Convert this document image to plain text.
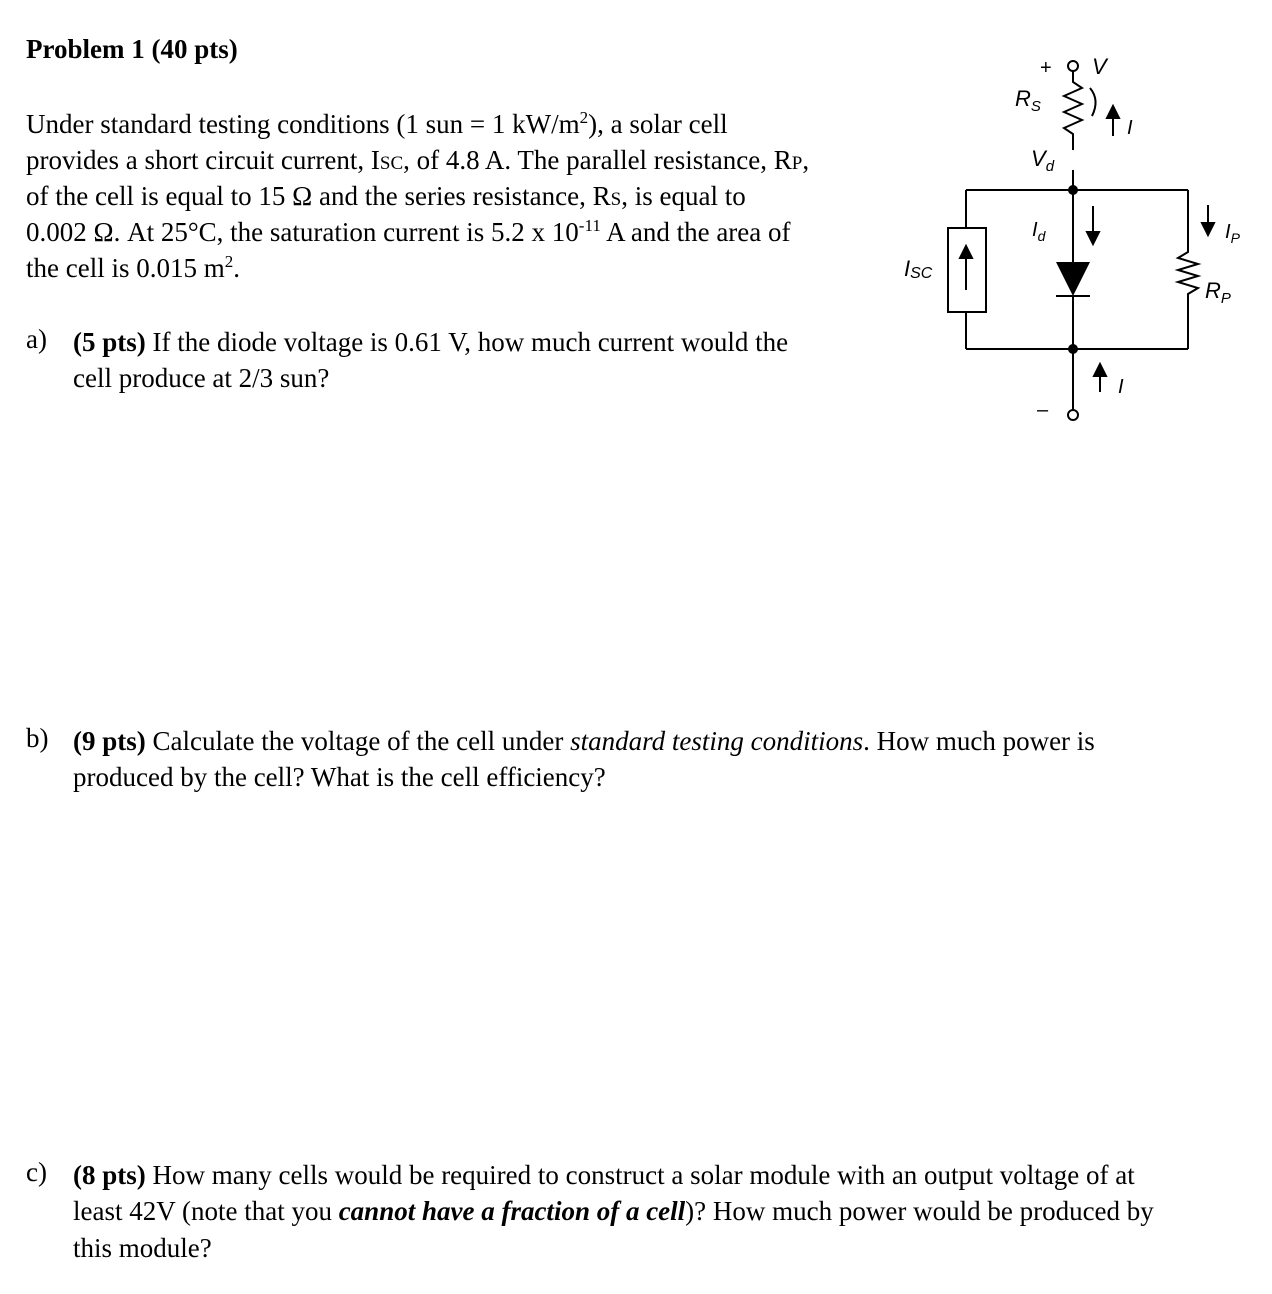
Problem 1 (40 pts)
Under standard testing conditions (1 sun = 1 $kW/m^2$), a solar cell
provides a short circuit current, ISC, of 4.8 A. The parallel resistance, RP,
of the cell is equal to 15 Ω and the series resistance, RS, is equal to
0.002 Ω. At 25°C, the saturation current is 5.2 x $10^{-11}$ A and the area of
the cell is 0.015 $m^2$.
a) (5 pts) If the diode voltage is 0.61 V, how much current would the
cell produce at 2/3 sun?
b) (9 pts) Calculate the voltage of the cell under standard testing conditions. How much power is
produced by the cell? What is the cell efficiency?
c) (8 pts) How many cells would be required to construct a solar module with an output voltage of at
least 42V (note that you cannot have a fraction of a cell)? How much power would be produced by
this module?
+ V
$R_S$
I
$V_d$
$I_d$
ISC
$I_P$
$R_P$
I
–
